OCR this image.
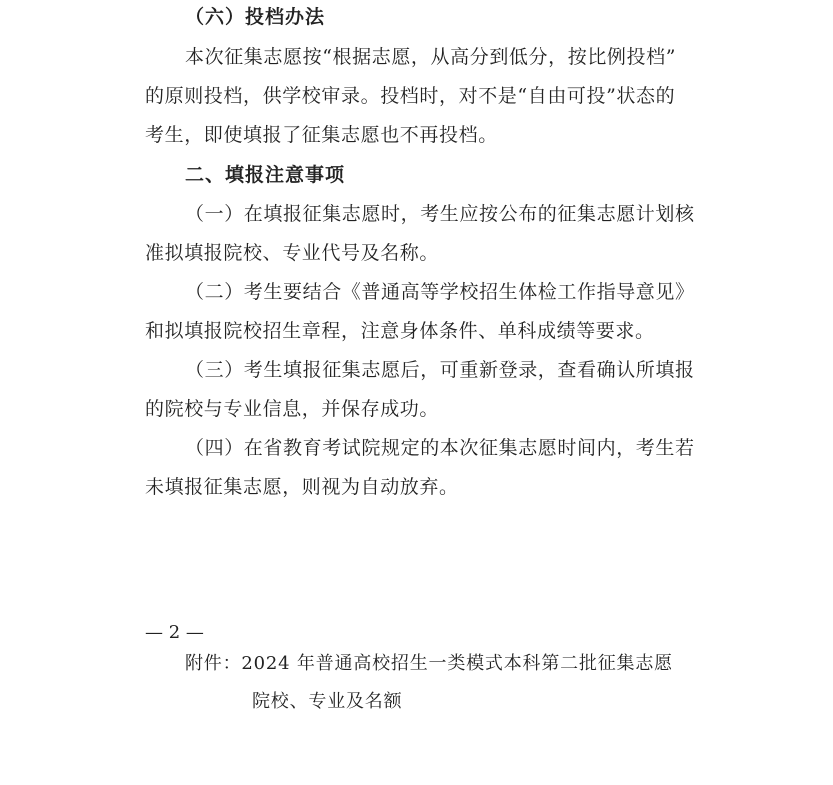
（六）投档办法
本次征集志愿按“根据志愿，从高分到低分，按比例投档”
的原则投档，供学校审录。投档时，对不是“自由可投”状态的
考生，即使填报了征集志愿也不再投档。
二、填报注意事项
（一）在填报征集志愿时，考生应按公布的征集志愿计划核
准拟填报院校、专业代号及名称。
（二）考生要结合《普通高等学校招生体检工作指导意见》
和拟填报院校招生章程，注意身体条件、单科成绩等要求。
（三）考生填报征集志愿后，可重新登录，查看确认所填报
的院校与专业信息，并保存成功。
（四）在省教育考试院规定的本次征集志愿时间内，考生若
未填报征集志愿，则视为自动放弃。
— 2 —
附件：2024 年普通高校招生一类模式本科第二批征集志愿
院校、专业及名额
